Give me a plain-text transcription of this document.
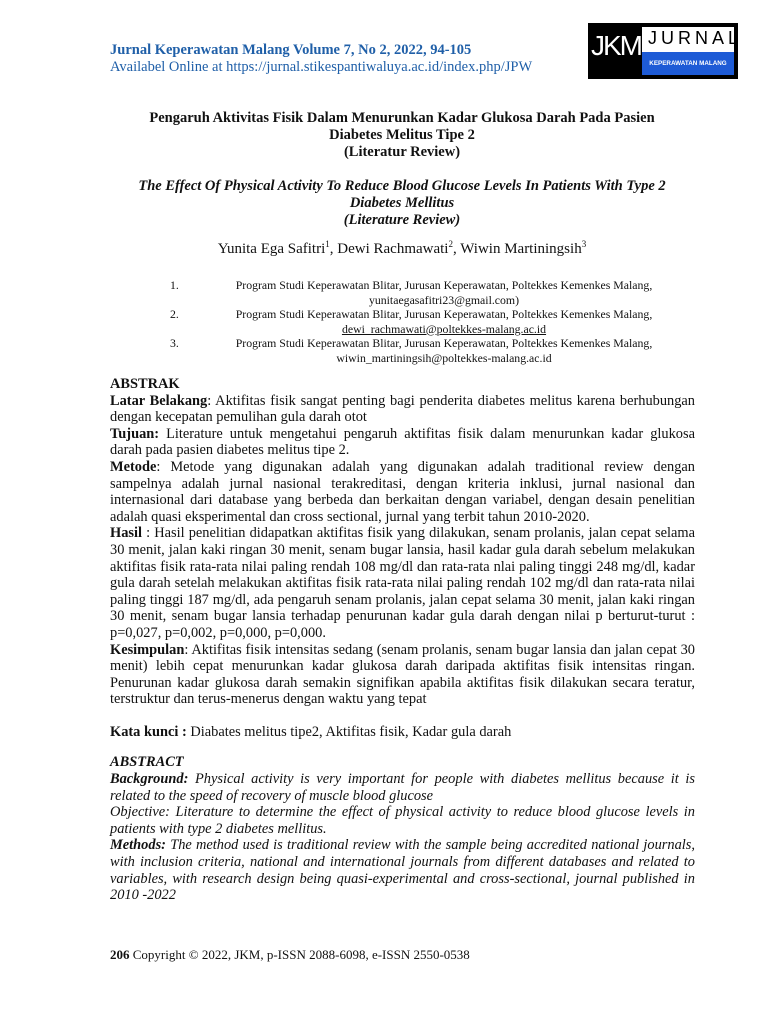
Jurnal Keperawatan Malang Volume 7, No 2, 2022, 94-105
Availabel Online at https://jurnal.stikespantiwaluya.ac.id/index.php/JPW
JKM JURNAL
KEPERAWATAN MALANG
Pengaruh Aktivitas Fisik Dalam Menurunkan Kadar Glukosa Darah Pada Pasien
Diabetes Melitus Tipe 2
(Literatur Review)
The Effect Of Physical Activity To Reduce Blood Glucose Levels In Patients With Type 2
Diabetes Mellitus
(Literature Review)
Yunita Ega Safitri$^1$, Dewi Rachmawati$^2$, Wiwin Martiningsih$^3$
1.	Program Studi Keperawatan Blitar, Jurusan Keperawatan, Poltekkes Kemenkes Malang,
yunitaegasafitri23@gmail.com)
2.	Program Studi Keperawatan Blitar, Jurusan Keperawatan, Poltekkes Kemenkes Malang,
dewi_rachmawati@poltekkes-malang.ac.id
3.	Program Studi Keperawatan Blitar, Jurusan Keperawatan, Poltekkes Kemenkes Malang,
wiwin_martiningsih@poltekkes-malang.ac.id

ABSTRAK

Latar Belakang: Aktifitas fisik sangat penting bagi penderita diabetes melitus karena berhubungan dengan kecepatan pemulihan gula darah otot

Tujuan: Literature untuk mengetahui pengaruh aktifitas fisik dalam menurunkan kadar glukosa darah pada pasien diabetes melitus tipe 2.

Metode: Metode yang digunakan adalah yang digunakan adalah traditional review dengan sampelnya adalah jurnal nasional terakreditasi, dengan kriteria inklusi, jurnal nasional dan internasional dari database yang berbeda dan berkaitan dengan variabel, dengan desain penelitian adalah quasi eksperimental dan cross sectional, jurnal yang terbit tahun 2010-2020.

Hasil : Hasil penelitian didapatkan aktifitas fisik yang dilakukan, senam prolanis, jalan cepat selama 30 menit, jalan kaki ringan 30 menit, senam bugar lansia, hasil kadar gula darah sebelum melakukan aktifitas fisik rata-rata nilai paling rendah 108 mg/dl dan rata-rata nlai paling tinggi 248 mg/dl, kadar gula darah setelah melakukan aktifitas fisik rata-rata nilai paling rendah 102 mg/dl dan rata-rata nilai paling tinggi 187 mg/dl, ada pengaruh senam prolanis, jalan cepat selama 30 menit, jalan kaki ringan 30 menit, senam bugar lansia terhadap penurunan kadar gula darah dengan nilai p berturut-turut : p=0,027, p=0,002, p=0,000, p=0,000.

Kesimpulan: Aktifitas fisik intensitas sedang (senam prolanis, senam bugar lansia dan jalan cepat 30 menit) lebih cepat menurunkan kadar glukosa darah daripada aktifitas fisik intensitas ringan. Penurunan kadar glukosa darah semakin signifikan apabila aktifitas fisik dilakukan secara teratur, terstruktur dan terus-menerus dengan waktu yang tepat

Kata kunci : Diabates melitus tipe2, Aktifitas fisik, Kadar gula darah

ABSTRACT

Background: Physical activity is very important for people with diabetes mellitus because it is related to the speed of recovery of muscle blood glucose

Objective: Literature to determine the effect of physical activity to reduce blood glucose levels in patients with type 2 diabetes mellitus.

Methods: The method used is traditional review with the sample being accredited national journals, with inclusion criteria, national and international journals from different databases and related to variables, with research design being quasi-experimental and cross-sectional, journal published in 2010 -2022

206 Copyright © 2022, JKM, p-ISSN 2088-6098, e-ISSN 2550-0538
